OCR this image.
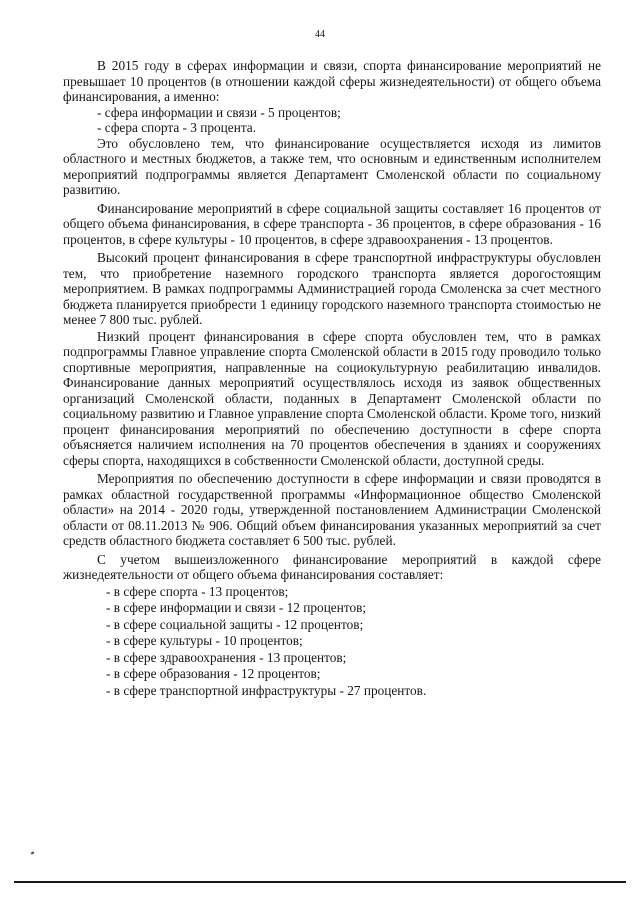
44

В 2015 году в сферах информации и связи, спорта финансирование мероприятий не превышает 10 процентов (в отношении каждой сферы жизнедеятельности) от общего объема финансирования, а именно:

- сфера информации и связи - 5 процентов;

- сфера спорта - 3 процента.

Это обусловлено тем, что финансирование осуществляется исходя из лимитов областного и местных бюджетов, а также тем, что основным и единственным исполнителем мероприятий подпрограммы является Департамент Смоленской области по социальному развитию.

Финансирование мероприятий в сфере социальной защиты составляет 16 процентов от общего объема финансирования, в сфере транспорта - 36 процентов, в сфере образования - 16 процентов, в сфере культуры - 10 процентов, в сфере здравоохранения - 13 процентов.

Высокий процент финансирования в сфере транспортной инфраструктуры обусловлен тем, что приобретение наземного городского транспорта является дорогостоящим мероприятием. В рамках подпрограммы Администрацией города Смоленска за счет местного бюджета планируется приобрести 1 единицу городского наземного транспорта стоимостью не менее 7 800 тыс. рублей.

Низкий процент финансирования в сфере спорта обусловлен тем, что в рамках подпрограммы Главное управление спорта Смоленской области в 2015 году проводило только спортивные мероприятия, направленные на социокультурную реабилитацию инвалидов. Финансирование данных мероприятий осуществлялось исходя из заявок общественных организаций Смоленской области, поданных в Департамент Смоленской области по социальному развитию и Главное управление спорта Смоленской области. Кроме того, низкий процент финансирования мероприятий по обеспечению доступности в сфере спорта объясняется наличием исполнения на 70 процентов обеспечения в зданиях и сооружениях сферы спорта, находящихся в собственности Смоленской области, доступной среды.

Мероприятия по обеспечению доступности в сфере информации и связи проводятся в рамках областной государственной программы «Информационное общество Смоленской области» на 2014 - 2020 годы, утвержденной постановлением Администрации Смоленской области от 08.11.2013 № 906. Общий объем финансирования указанных мероприятий за счет средств областного бюджета составляет 6 500 тыс. рублей.

С учетом вышеизложенного финансирование мероприятий в каждой сфере жизнедеятельности от общего объема финансирования составляет:

- в сфере спорта - 13 процентов;

- в сфере информации и связи - 12 процентов;

- в сфере социальной защиты - 12 процентов;

- в сфере культуры - 10 процентов;

- в сфере здравоохранения - 13 процентов;

- в сфере образования - 12 процентов;

- в сфере транспортной инфраструктуры - 27 процентов.
